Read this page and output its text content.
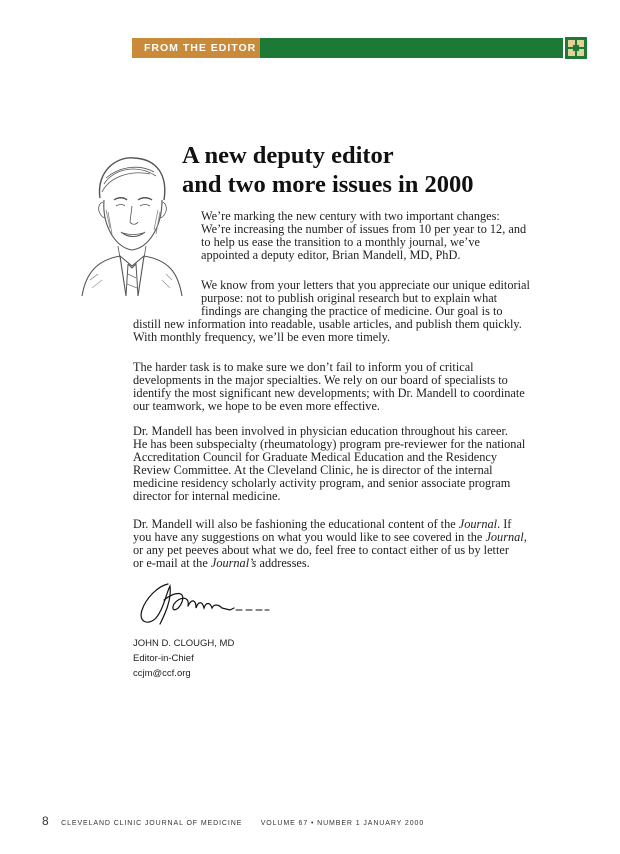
FROM THE EDITOR
A new deputy editor
and two more issues in 2000
We’re marking the new century with two important changes:
We’re increasing the number of issues from 10 per year to 12, and
to help us ease the transition to a monthly journal, we’ve
appointed a deputy editor, Brian Mandell, MD, PhD.
We know from your letters that you appreciate our unique editorial
purpose: not to publish original research but to explain what
findings are changing the practice of medicine. Our goal is to
distill new information into readable, usable articles, and publish them quickly.
With monthly frequency, we’ll be even more timely.
The harder task is to make sure we don’t fail to inform you of critical
developments in the major specialties. We rely on our board of specialists to
identify the most significant new developments; with Dr. Mandell to coordinate
our teamwork, we hope to be even more effective.
Dr. Mandell has been involved in physician education throughout his career.
He has been subspecialty (rheumatology) program pre-reviewer for the national
Accreditation Council for Graduate Medical Education and the Residency
Review Committee. At the Cleveland Clinic, he is director of the internal
medicine residency scholarly activity program, and senior associate program
director for internal medicine.
Dr. Mandell will also be fashioning the educational content of the Journal. If
you have any suggestions on what you would like to see covered in the Journal,
or any pet peeves about what we do, feel free to contact either of us by letter
or e-mail at the Journal’s addresses.
JOHN D. CLOUGH, MD
Editor-in-Chief
ccjm@ccf.org
8 CLEVELAND CLINIC JOURNAL OF MEDICINE	VOLUME 67 • NUMBER 1 JANUARY 2000
